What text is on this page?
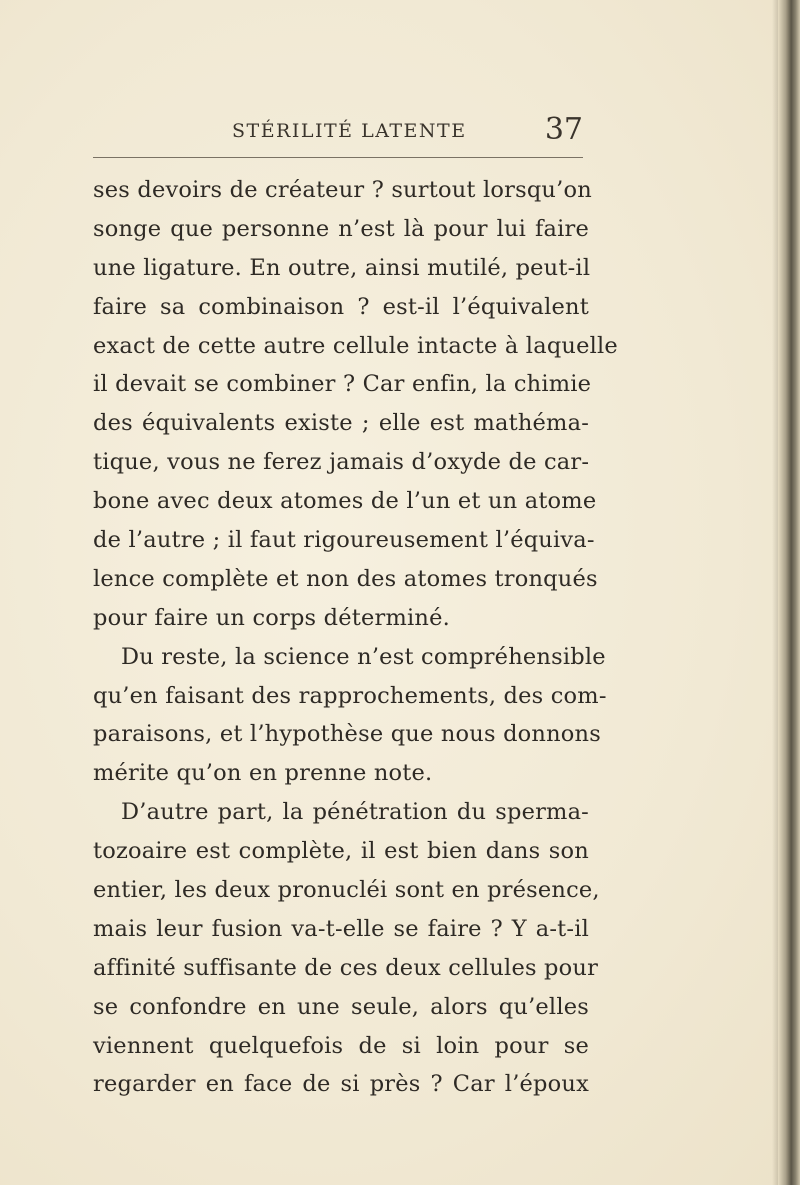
STÉRILITÉ LATENTE	37
ses devoirs de créateur ? surtout lorsqu’on
songe que personne n’est là pour lui faire
une ligature. En outre, ainsi mutilé, peut-il
faire sa combinaison ? est-il l’équivalent
exact de cette autre cellule intacte à laquelle
il devait se combiner ? Car enfin, la chimie
des équivalents existe ; elle est mathéma-
tique, vous ne ferez jamais d’oxyde de car-
bone avec deux atomes de l’un et un atome
de l’autre ; il faut rigoureusement l’équiva-
lence complète et non des atomes tronqués
pour faire un corps déterminé.
Du reste, la science n’est compréhensible
qu’en faisant des rapprochements, des com-
paraisons, et l’hypothèse que nous donnons
mérite qu’on en prenne note.
D’autre part, la pénétration du sperma-
tozoaire est complète, il est bien dans son
entier, les deux pronucléi sont en présence,
mais leur fusion va-t-elle se faire ? Y a-t-il
affinité suffisante de ces deux cellules pour
se confondre en une seule, alors qu’elles
viennent quelquefois de si loin pour se
regarder en face de si près ? Car l’époux
